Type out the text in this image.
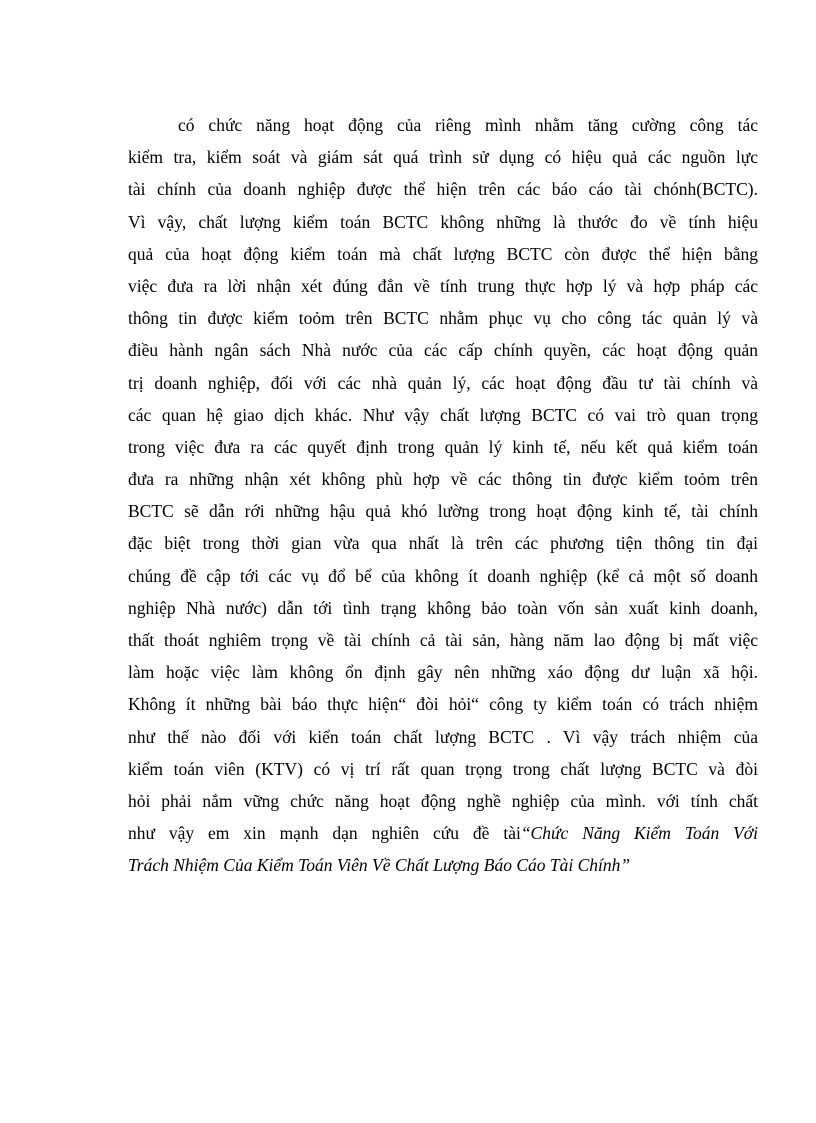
có chức năng hoạt động của riêng mình nhằm tăng cường công tác
kiểm tra, kiểm soát và giám sát quá trình sử dụng có hiệu quả các nguồn lực
tài chính của doanh nghiệp được thể hiện trên các báo cáo tài chónh(BCTC).
Vì vậy, chất lượng kiểm toán BCTC không những là thước đo về tính hiệu
quả của hoạt động kiểm toán mà chất lượng BCTC còn được thể hiện bằng
việc đưa ra lời nhận xét đúng đắn về tính trung thực hợp lý và hợp pháp các
thông tin được kiểm toỏm trên BCTC nhằm phục vụ cho công tác quản lý và
điều hành ngân sách Nhà nước của các cấp chính quyền, các hoạt động quản
trị doanh nghiệp, đối với các nhà quản lý, các hoạt động đầu tư tài chính và
các quan hệ giao dịch khác. Như vậy chất lượng BCTC có vai trò quan trọng
trong việc đưa ra các quyết định trong quản lý kinh tế, nếu kết quả kiểm toán
đưa ra những nhận xét không phù hợp về các thông tin được kiểm toỏm trên
BCTC sẽ dẫn rới những hậu quả khó lường trong hoạt động kinh tế, tài chính
đặc biệt trong thời gian vừa qua nhất là trên các phương tiện thông tin đại
chúng đề cập tới các vụ đổ bể của không ít doanh nghiệp (kể cả một số doanh
nghiệp Nhà nước) dẫn tới tình trạng không bảo toàn vốn sản xuất kinh doanh,
thất thoát nghiêm trọng về tài chính cả tài sản, hàng năm lao động bị mất việc
làm hoặc việc làm không ổn định gây nên những xáo động dư luận xã hội.
Không ít những bài báo thực hiện“ đòi hỏi“ công ty kiểm toán có trách nhiệm
như thế nào đối với kiển toán chất lượng BCTC . Vì vậy trách nhiệm của
kiểm toán viên (KTV) có vị trí rất quan trọng trong chất lượng BCTC và đòi
hỏi phải nắm vững chức năng hoạt động nghề nghiệp của mình. với tính chất
như vậy em xin mạnh dạn nghiên cứu đề tài“Chức Năng Kiểm Toán Với
Trách Nhiệm Của Kiểm Toán Viên Về Chất Lượng Báo Cáo Tài Chính”
